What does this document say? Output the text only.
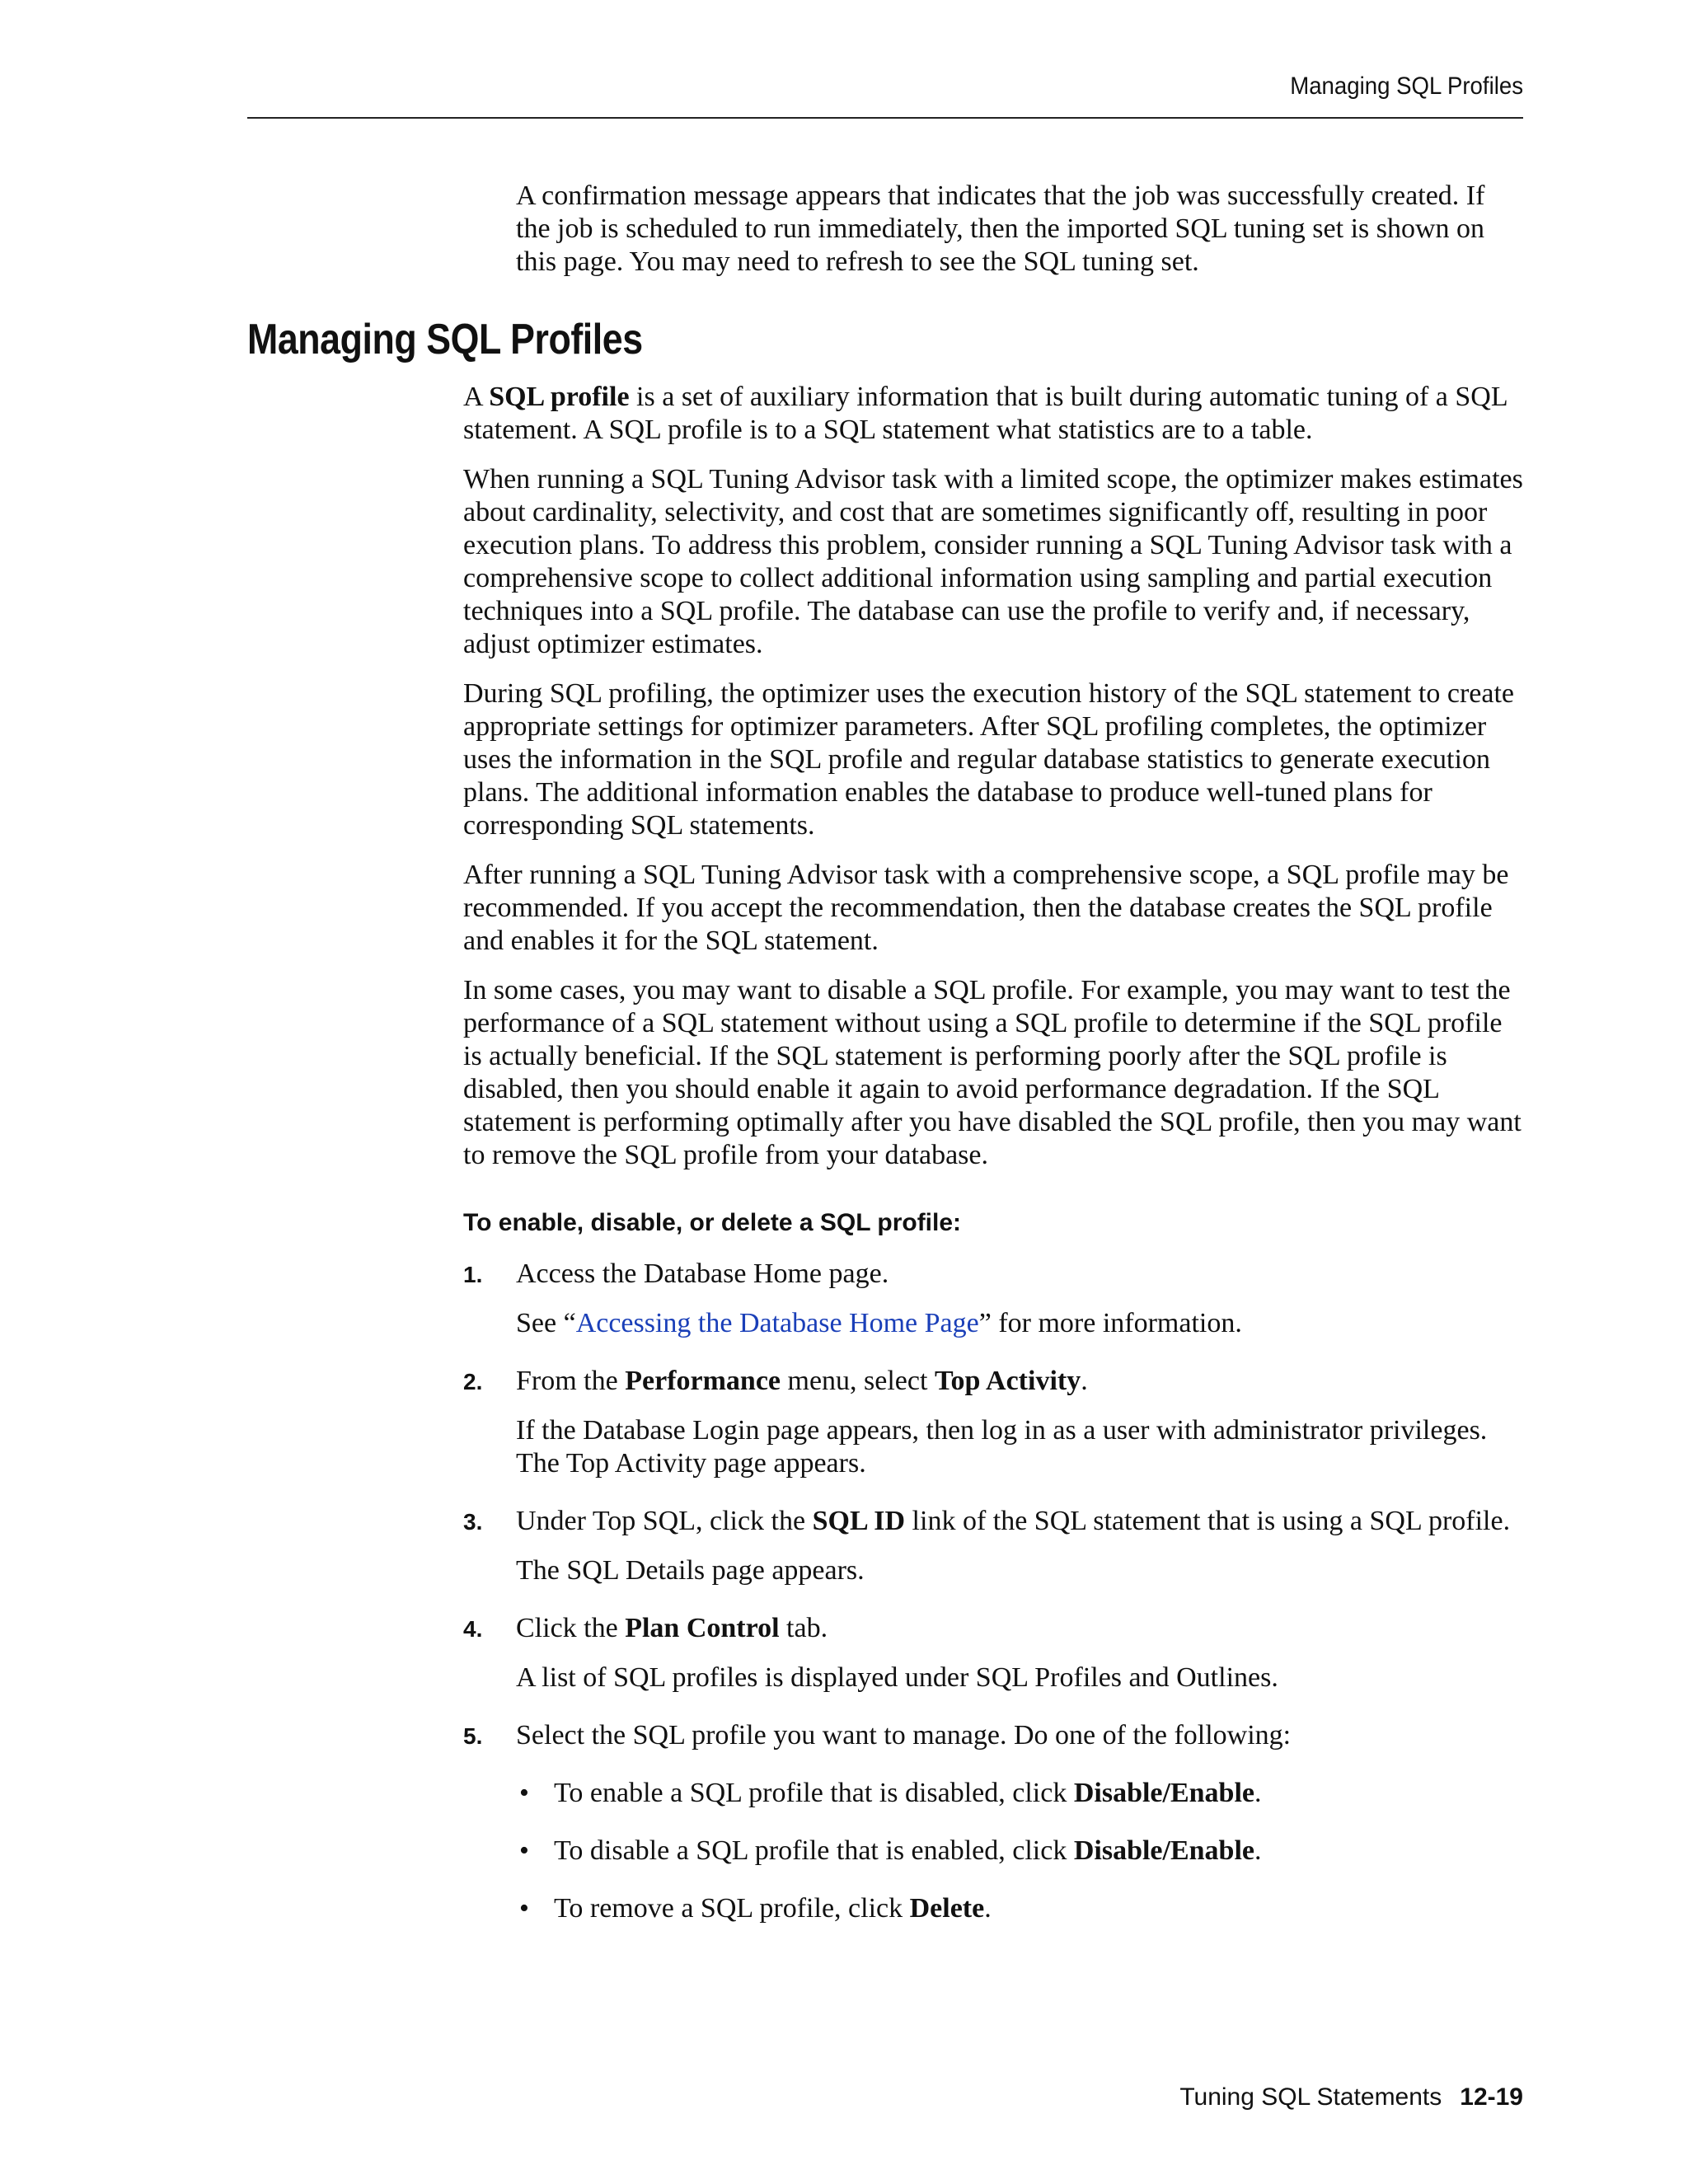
Managing SQL Profiles

A confirmation message appears that indicates that the job was successfully created. If the job is scheduled to run immediately, then the imported SQL tuning set is shown on this page. You may need to refresh to see the SQL tuning set.

Managing SQL Profiles

A SQL profile is a set of auxiliary information that is built during automatic tuning of a SQL statement. A SQL profile is to a SQL statement what statistics are to a table.

When running a SQL Tuning Advisor task with a limited scope, the optimizer makes estimates about cardinality, selectivity, and cost that are sometimes significantly off, resulting in poor execution plans. To address this problem, consider running a SQL Tuning Advisor task with a comprehensive scope to collect additional information using sampling and partial execution techniques into a SQL profile. The database can use the profile to verify and, if necessary, adjust optimizer estimates.

During SQL profiling, the optimizer uses the execution history of the SQL statement to create appropriate settings for optimizer parameters. After SQL profiling completes, the optimizer uses the information in the SQL profile and regular database statistics to generate execution plans. The additional information enables the database to produce well-tuned plans for corresponding SQL statements.

After running a SQL Tuning Advisor task with a comprehensive scope, a SQL profile may be recommended. If you accept the recommendation, then the database creates the SQL profile and enables it for the SQL statement.

In some cases, you may want to disable a SQL profile. For example, you may want to test the performance of a SQL statement without using a SQL profile to determine if the SQL profile is actually beneficial. If the SQL statement is performing poorly after the SQL profile is disabled, then you should enable it again to avoid performance degradation. If the SQL statement is performing optimally after you have disabled the SQL profile, then you may want to remove the SQL profile from your database.

To enable, disable, or delete a SQL profile:
1. Access the Database Home page.
See “Accessing the Database Home Page” for more information.
2. From the Performance menu, select Top Activity.
If the Database Login page appears, then log in as a user with administrator privileges. The Top Activity page appears.
3. Under Top SQL, click the SQL ID link of the SQL statement that is using a SQL profile.
The SQL Details page appears.
4. Click the Plan Control tab.
A list of SQL profiles is displayed under SQL Profiles and Outlines.
5. Select the SQL profile you want to manage. Do one of the following:
• To enable a SQL profile that is disabled, click Disable/Enable.
• To disable a SQL profile that is enabled, click Disable/Enable.
• To remove a SQL profile, click Delete.
Tuning SQL Statements 12-19
